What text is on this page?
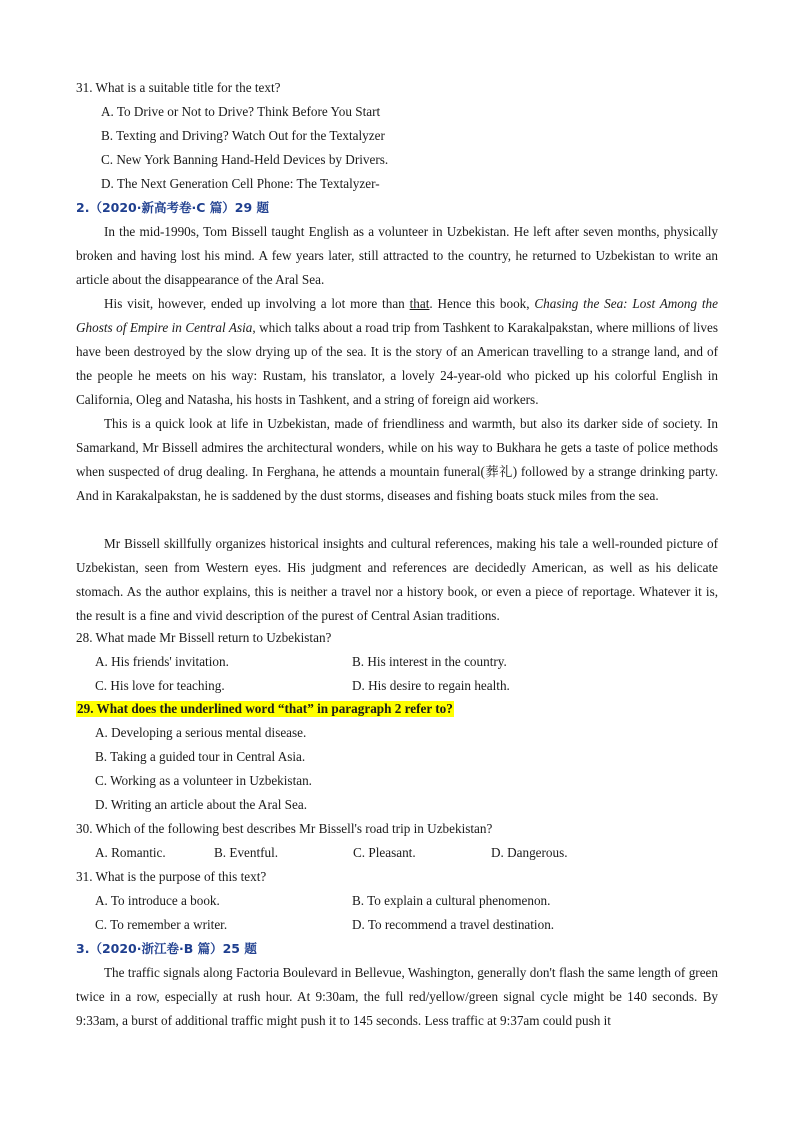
31. What is a suitable title for the text?
A. To Drive or Not to Drive? Think Before You Start
B. Texting and Driving? Watch Out for the Textalyzer
C. New York Banning Hand-Held Devices by Drivers.
D. The Next Generation Cell Phone: The Textalyzer-
2.（2020·新高考卷·C 篇）29 题
In the mid-1990s, Tom Bissell taught English as a volunteer in Uzbekistan. He left after seven months, physically broken and having lost his mind. A few years later, still attracted to the country, he returned to Uzbekistan to write an article about the disappearance of the Aral Sea.
His visit, however, ended up involving a lot more than that. Hence this book, Chasing the Sea: Lost Among the Ghosts of Empire in Central Asia, which talks about a road trip from Tashkent to Karakalpakstan, where millions of lives have been destroyed by the slow drying up of the sea. It is the story of an American travelling to a strange land, and of the people he meets on his way: Rustam, his translator, a lovely 24-year-old who picked up his colorful English in California, Oleg and Natasha, his hosts in Tashkent, and a string of foreign aid workers.
This is a quick look at life in Uzbekistan, made of friendliness and warmth, but also its darker side of society. In Samarkand, Mr Bissell admires the architectural wonders, while on his way to Bukhara he gets a taste of police methods when suspected of drug dealing. In Ferghana, he attends a mountain funeral(葬礼) followed by a strange drinking party. And in Karakalpakstan, he is saddened by the dust storms, diseases and fishing boats stuck miles from the sea.
Mr Bissell skillfully organizes historical insights and cultural references, making his tale a well-rounded picture of Uzbekistan, seen from Western eyes. His judgment and references are decidedly American, as well as his delicate stomach. As the author explains, this is neither a travel nor a history book, or even a piece of reportage. Whatever it is, the result is a fine and vivid description of the purest of Central Asian traditions.
28. What made Mr Bissell return to Uzbekistan?
A. His friends' invitation.	B. His interest in the country.
C. His love for teaching.	D. His desire to regain health.
29. What does the underlined word “that” in paragraph 2 refer to?
A. Developing a serious mental disease.
B. Taking a guided tour in Central Asia.
C. Working as a volunteer in Uzbekistan.
D. Writing an article about the Aral Sea.
30. Which of the following best describes Mr Bissell's road trip in Uzbekistan?
A. Romantic.	B. Eventful.	C. Pleasant.	D. Dangerous.
31. What is the purpose of this text?
A. To introduce a book.	B. To explain a cultural phenomenon.
C. To remember a writer.	D. To recommend a travel destination.
3.（2020·浙江卷·B 篇）25 题
The traffic signals along Factoria Boulevard in Bellevue, Washington, generally don't flash the same length of green twice in a row, especially at rush hour. At 9:30am, the full red/yellow/green signal cycle might be 140 seconds. By 9:33am, a burst of additional traffic might push it to 145 seconds. Less traffic at 9:37am could push it
